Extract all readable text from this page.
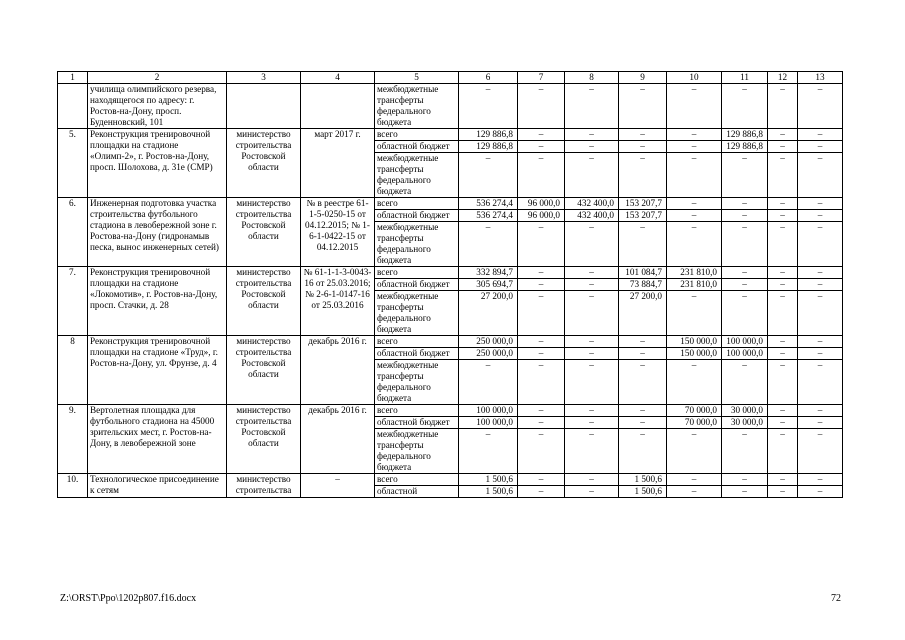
1	2	3	4	5	6	7	8	9	10	11	12	13
	училища олимпийского резерва, находящегося по адресу: г. Ростов-на-Дону, просп. Буденновский, 101			межбюджетные трансферты федерального бюджета	–	–	–	–	–	–	–	–
5.	Реконструкция тренировочной площадки на стадионе «Олимп-2», г. Ростов-на-Дону, просп. Шолохова, д. 31е (СМР)	министерство строительства Ростовской области	март 2017 г.	всего	129 886,8	–	–	–	–	129 886,8	–	–
				областной бюджет	129 886,8	–	–	–	–	129 886,8	–	–
				межбюджетные трансферты федерального бюджета	–	–	–	–	–	–	–	–
6.	Инженерная подготовка участка строительства футбольного стадиона в левобережной зоне г. Ростова-на-Дону (гидронамыв песка, вынос инженерных сетей)	министерство строительства Ростовской области	№ в реестре 61-1-5-0250-15 от 04.12.2015; № 1-6-1-0422-15 от 04.12.2015	всего	536 274,4	96 000,0	432 400,0	153 207,7	–	–	–	–
				областной бюджет	536 274,4	96 000,0	432 400,0	153 207,7	–	–	–	–
				межбюджетные трансферты федерального бюджета	–	–	–	–	–	–	–	–
7.	Реконструкция тренировочной площадки на стадионе «Локомотив», г. Ростов-на-Дону, просп. Стачки, д. 28	министерство строительства Ростовской области	№ 61-1-1-3-0043-16 от 25.03.2016; № 2-6-1-0147-16 от 25.03.2016	всего	332 894,7	–	–	101 084,7	231 810,0	–	–	–
				областной бюджет	305 694,7	–	–	73 884,7	231 810,0	–	–	–
				межбюджетные трансферты федерального бюджета	27 200,0	–	–	27 200,0	–	–	–	–
8	Реконструкция тренировочной площадки на стадионе «Труд», г. Ростов-на-Дону, ул. Фрунзе, д. 4	министерство строительства Ростовской области	декабрь 2016 г.	всего	250 000,0	–	–	–	150 000,0	100 000,0	–	–
				областной бюджет	250 000,0	–	–	–	150 000,0	100 000,0	–	–
				межбюджетные трансферты федерального бюджета	–	–	–	–	–	–	–	–
9.	Вертолетная площадка для футбольного стадиона на 45000 зрительских мест, г. Ростов-на-Дону, в левобережной зоне	министерство строительства Ростовской области	декабрь 2016 г.	всего	100 000,0	–	–	–	70 000,0	30 000,0	–	–
				областной бюджет	100 000,0	–	–	–	70 000,0	30 000,0	–	–
				межбюджетные трансферты федерального бюджета	–	–	–	–	–	–	–	–
10.	Технологическое присоединение к сетям	министерство строительства	–	всего	1 500,6	–	–	1 500,6	–	–	–	–
				областной	1 500,6	–	–	1 500,6	–	–	–	–
Z:\ORST\Ppo\1202p807.f16.docx	72
